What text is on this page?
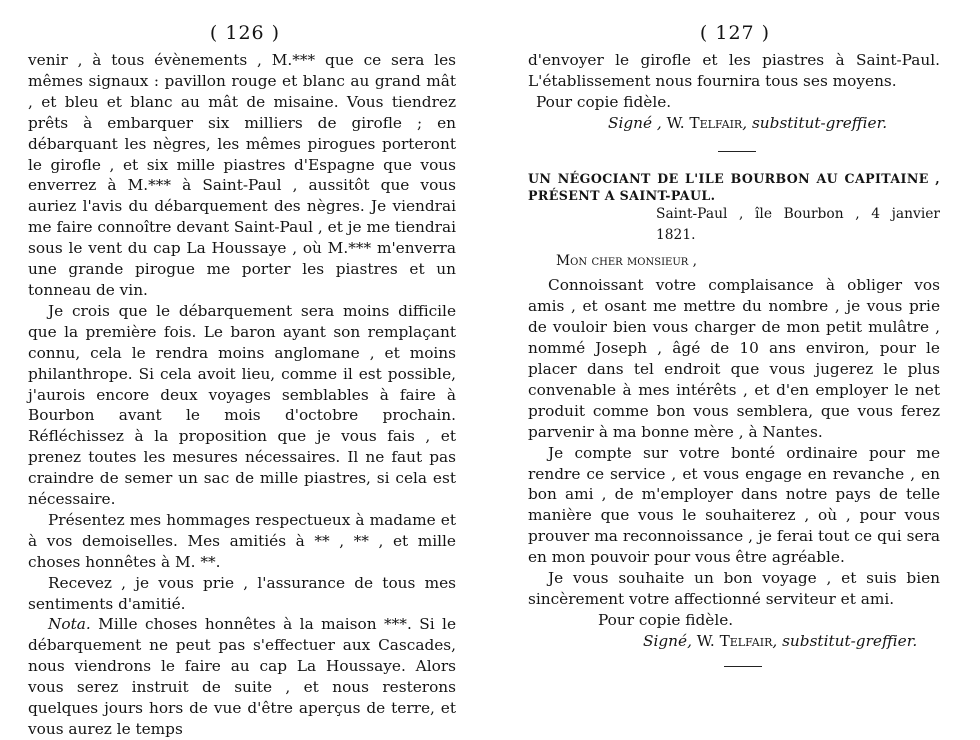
( 126 )

venir , à tous évènements , M.*** que ce sera les mêmes signaux : pavillon rouge et blanc au grand mât , et bleu et blanc au mât de misaine. Vous tiendrez prêts à embarquer six milliers de girofle ; en débarquant les nègres, les mêmes pirogues porteront le girofle , et six mille piastres d'Espagne que vous enverrez à M.*** à Saint-Paul , aussitôt que vous auriez l'avis du débarquement des nègres. Je viendrai me faire connoître devant Saint-Paul , et je me tiendrai sous le vent du cap La Houssaye , où M.*** m'enverra une grande pirogue me porter les piastres et un tonneau de vin.

Je crois que le débarquement sera moins difficile que la première fois. Le baron ayant son remplaçant connu, cela le rendra moins anglomane , et moins philanthrope. Si cela avoit lieu, comme il est possible, j'aurois encore deux voyages semblables à faire à Bourbon avant le mois d'octobre prochain. Réfléchissez à la proposition que je vous fais , et prenez toutes les mesures nécessaires. Il ne faut pas craindre de semer un sac de mille piastres, si cela est nécessaire.

Présentez mes hommages respectueux à madame et à vos demoiselles. Mes amitiés à ** , ** , et mille choses honnêtes à M. **.

Recevez , je vous prie , l'assurance de tous mes sentiments d'amitié.

Nota. Mille choses honnêtes à la maison ***. Si le débarquement ne peut pas s'effectuer aux Cascades, nous viendrons le faire au cap La Houssaye. Alors vous serez instruit de suite , et nous resterons quelques jours hors de vue d'être aperçus de terre, et vous aurez le temps

( 127 )

d'envoyer le girofle et les piastres à Saint-Paul. L'établissement nous fournira tous ses moyens.

Pour copie fidèle.

Signé , W. Telfair, substitut-greffier.

UN NÉGOCIANT DE L'ILE BOURBON AU CAPITAINE , PRÉSENT A SAINT-PAUL.

Saint-Paul , île Bourbon , 4 janvier 1821.

Mon cher monsieur ,

Connoissant votre complaisance à obliger vos amis , et osant me mettre du nombre , je vous prie de vouloir bien vous charger de mon petit mulâtre , nommé Joseph , âgé de 10 ans environ, pour le placer dans tel endroit que vous jugerez le plus convenable à mes intérêts , et d'en employer le net produit comme bon vous semblera, que vous ferez parvenir à ma bonne mère , à Nantes.

Je compte sur votre bonté ordinaire pour me rendre ce service , et vous engage en revanche , en bon ami , de m'employer dans notre pays de telle manière que vous le souhaiterez , où , pour vous prouver ma reconnoissance , je ferai tout ce qui sera en mon pouvoir pour vous être agréable.

Je vous souhaite un bon voyage , et suis bien sincèrement votre affectionné serviteur et ami.

Pour copie fidèle.

Signé, W. Telfair, substitut-greffier.
